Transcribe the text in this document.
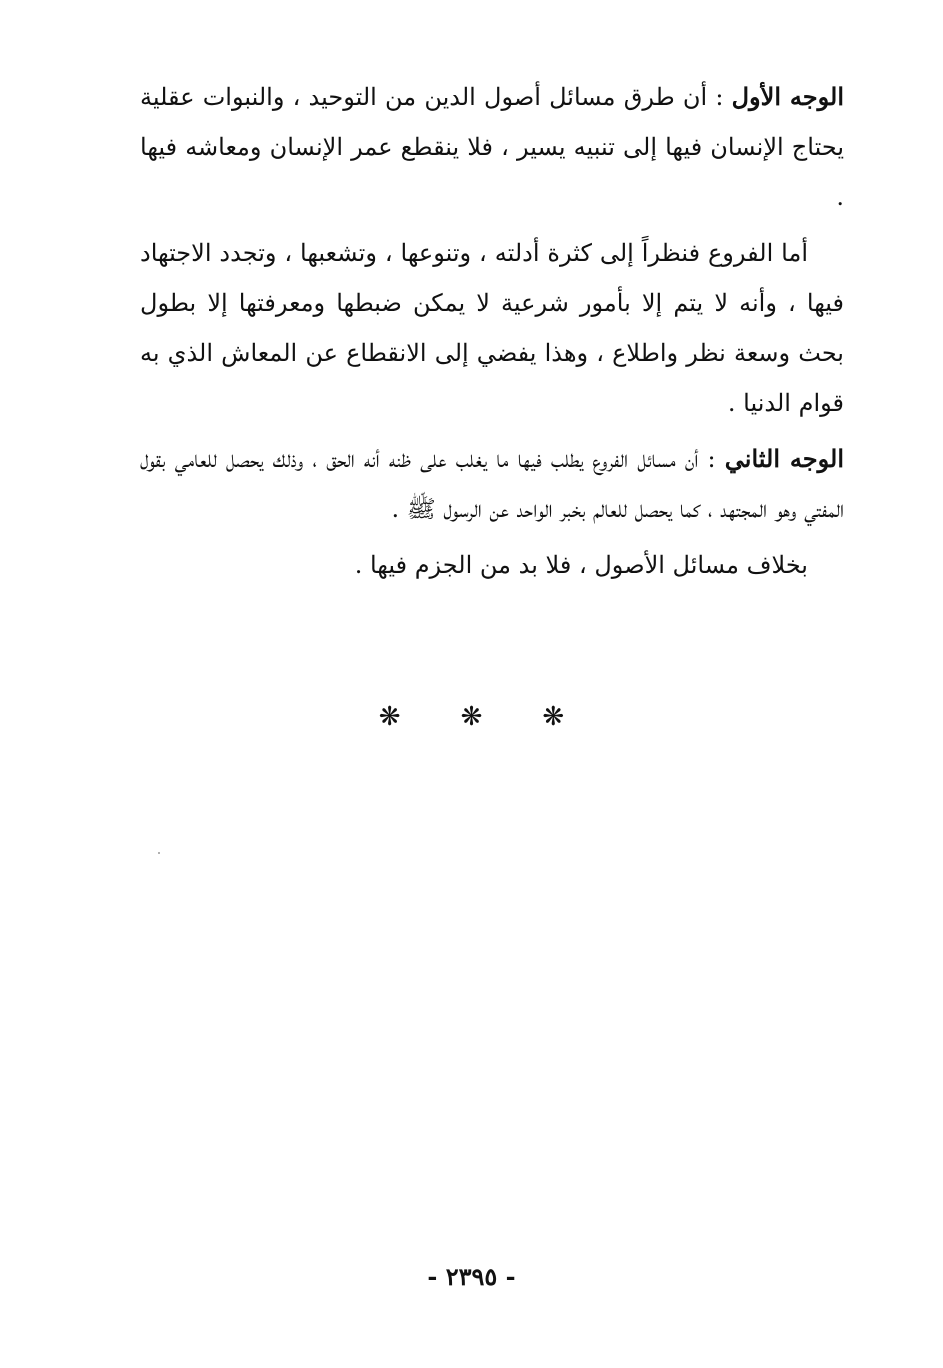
الوجه الأول : أن طرق مسائل أصول الدين من التوحيد ، والنبوات عقلية يحتاج الإنسان فيها إلى تنبيه يسير ، فلا ينقطع عمر الإنسان ومعاشه فيها .

أما الفروع فنظراً إلى كثرة أدلته ، وتنوعها ، وتشعبها ، وتجدد الاجتهاد فيها ، وأنه لا يتم إلا بأمور شرعية لا يمكن ضبطها ومعرفتها إلا بطول بحث وسعة نظر واطلاع ، وهذا يفضي إلى الانقطاع عن المعاش الذي به قوام الدنيا .

الوجه الثاني : أن مسائل الفروع يطلب فيها ما يغلب على ظنه أنه الحق ، وذلك يحصل للعامي بقول المفتي وهو المجتهد ، كما يحصل للعالم بخبر الواحد عن الرسول ﷺ .

بخلاف مسائل الأصول ، فلا بد من الجزم فيها .

❋ ❋ ❋
- ٢٣٩٥ -
